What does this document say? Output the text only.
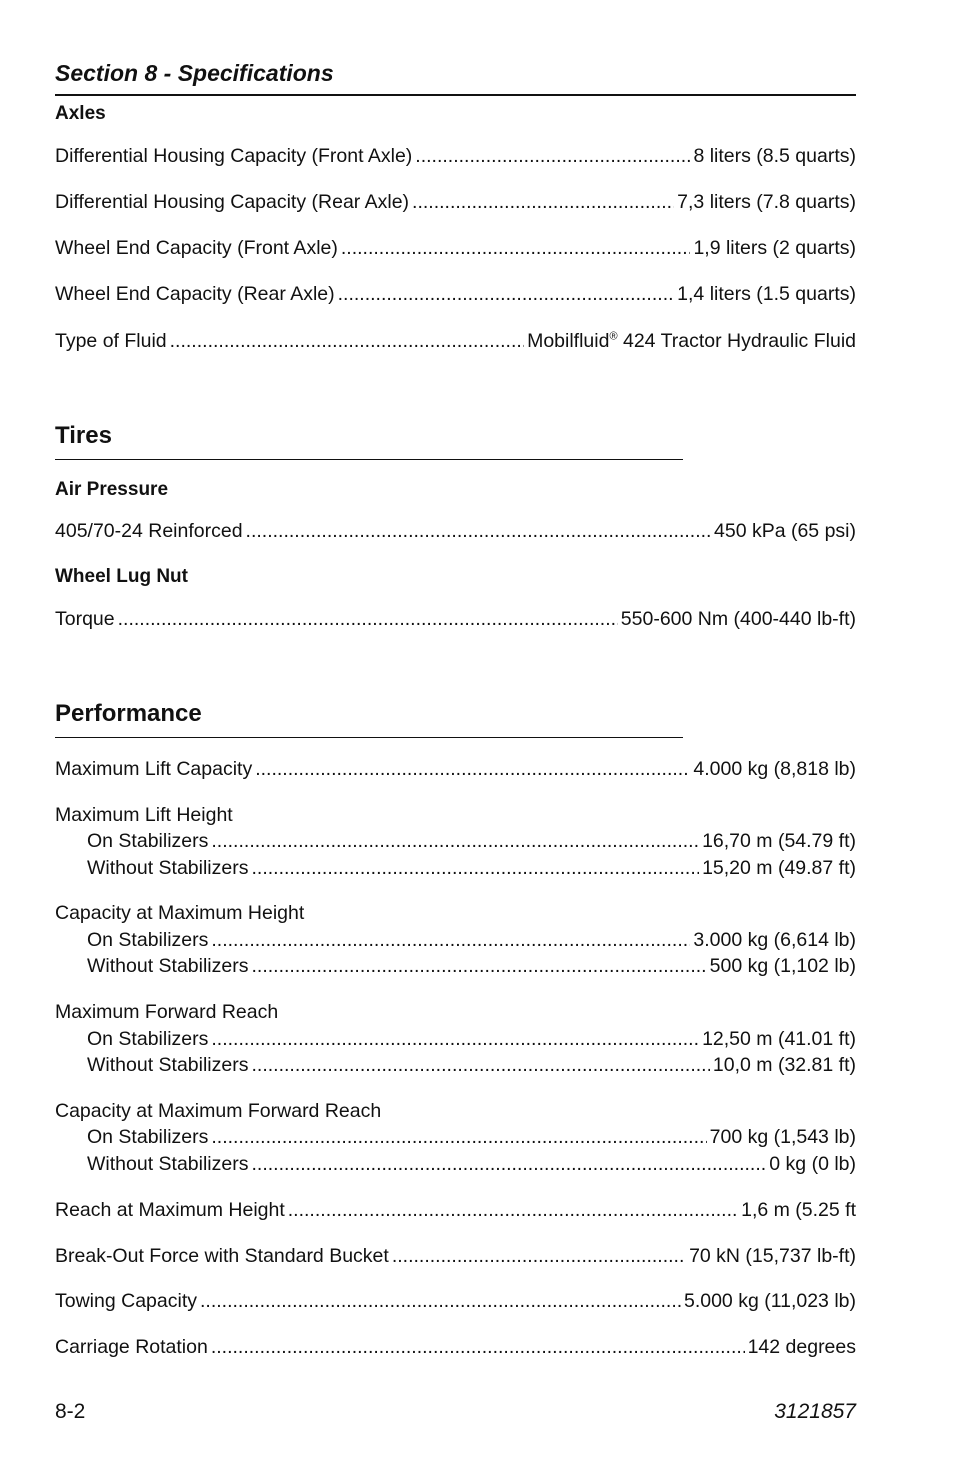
Section 8 - Specifications
Axles
Differential Housing Capacity (Front Axle) .....	8 liters (8.5 quarts)
Differential Housing Capacity (Rear Axle) .....	7,3 liters (7.8 quarts)
Wheel End Capacity (Front Axle) .....	1,9 liters (2 quarts)
Wheel End Capacity (Rear Axle) .....	1,4 liters (1.5 quarts)
Type of Fluid .....	Mobilfluid® 424 Tractor Hydraulic Fluid
Tires
Air Pressure
405/70-24 Reinforced .....	450 kPa (65 psi)
Wheel Lug Nut
Torque .....	550-600 Nm (400-440 lb-ft)
Performance
Maximum Lift Capacity .....	4.000 kg (8,818 lb)
Maximum Lift Height
On Stabilizers .....	16,70 m (54.79 ft)
Without Stabilizers .....	15,20 m (49.87 ft)
Capacity at Maximum Height
On Stabilizers .....	3.000 kg (6,614 lb)
Without Stabilizers .....	500 kg (1,102 lb)
Maximum Forward Reach
On Stabilizers .....	12,50 m (41.01 ft)
Without Stabilizers .....	10,0 m (32.81 ft)
Capacity at Maximum Forward Reach
On Stabilizers .....	700 kg (1,543 lb)
Without Stabilizers .....	0 kg (0 lb)
Reach at Maximum Height .....	1,6 m (5.25 ft
Break-Out Force with Standard Bucket .....	70 kN (15,737 lb-ft)
Towing Capacity .....	5.000 kg (11,023 lb)
Carriage Rotation .....	142 degrees
8-2	3121857
